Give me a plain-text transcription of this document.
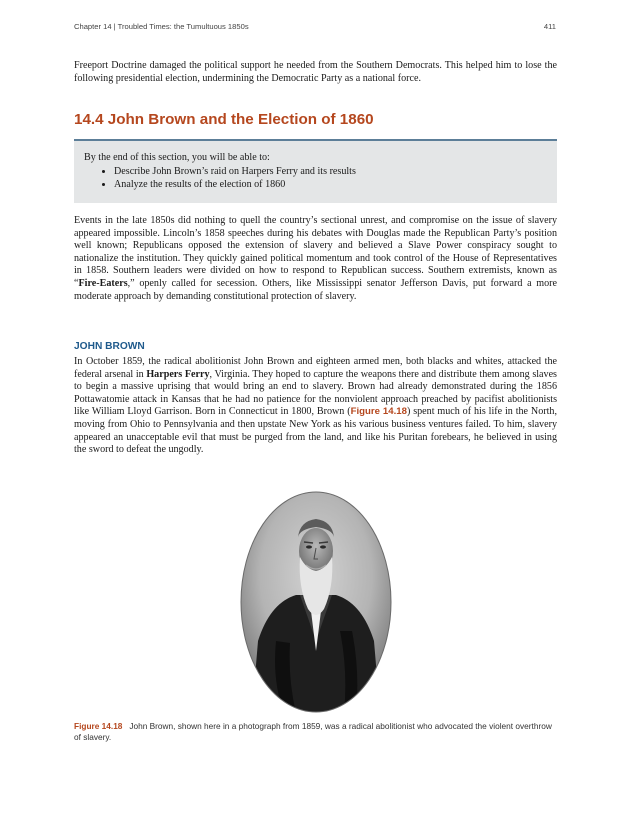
Chapter 14 | Troubled Times: the Tumultuous 1850s	411

Freeport Doctrine damaged the political support he needed from the Southern Democrats. This helped him to lose the following presidential election, undermining the Democratic Party as a national force.

14.4 John Brown and the Election of 1860
By the end of this section, you will be able to:
• Describe John Brown’s raid on Harpers Ferry and its results
• Analyze the results of the election of 1860

Events in the late 1850s did nothing to quell the country’s sectional unrest, and compromise on the issue of slavery appeared impossible. Lincoln’s 1858 speeches during his debates with Douglas made the Republican Party’s position well known; Republicans opposed the extension of slavery and believed a Slave Power conspiracy sought to nationalize the institution. They quickly gained political momentum and took control of the House of Representatives in 1858. Southern leaders were divided on how to respond to Republican success. Southern extremists, known as “Fire-Eaters,” openly called for secession. Others, like Mississippi senator Jefferson Davis, put forward a more moderate approach by demanding constitutional protection of slavery.

JOHN BROWN

In October 1859, the radical abolitionist John Brown and eighteen armed men, both blacks and whites, attacked the federal arsenal in Harpers Ferry, Virginia. They hoped to capture the weapons there and distribute them among slaves to begin a massive uprising that would bring an end to slavery. Brown had already demonstrated during the 1856 Pottawatomie attack in Kansas that he had no patience for the nonviolent approach preached by pacifist abolitionists like William Lloyd Garrison. Born in Connecticut in 1800, Brown (Figure 14.18) spent much of his life in the North, moving from Ohio to Pennsylvania and then upstate New York as his various business ventures failed. To him, slavery appeared an unacceptable evil that must be purged from the land, and like his Puritan forebears, he believed in using the sword to defeat the ungodly.

Figure 14.18 John Brown, shown here in a photograph from 1859, was a radical abolitionist who advocated the violent overthrow of slavery.
